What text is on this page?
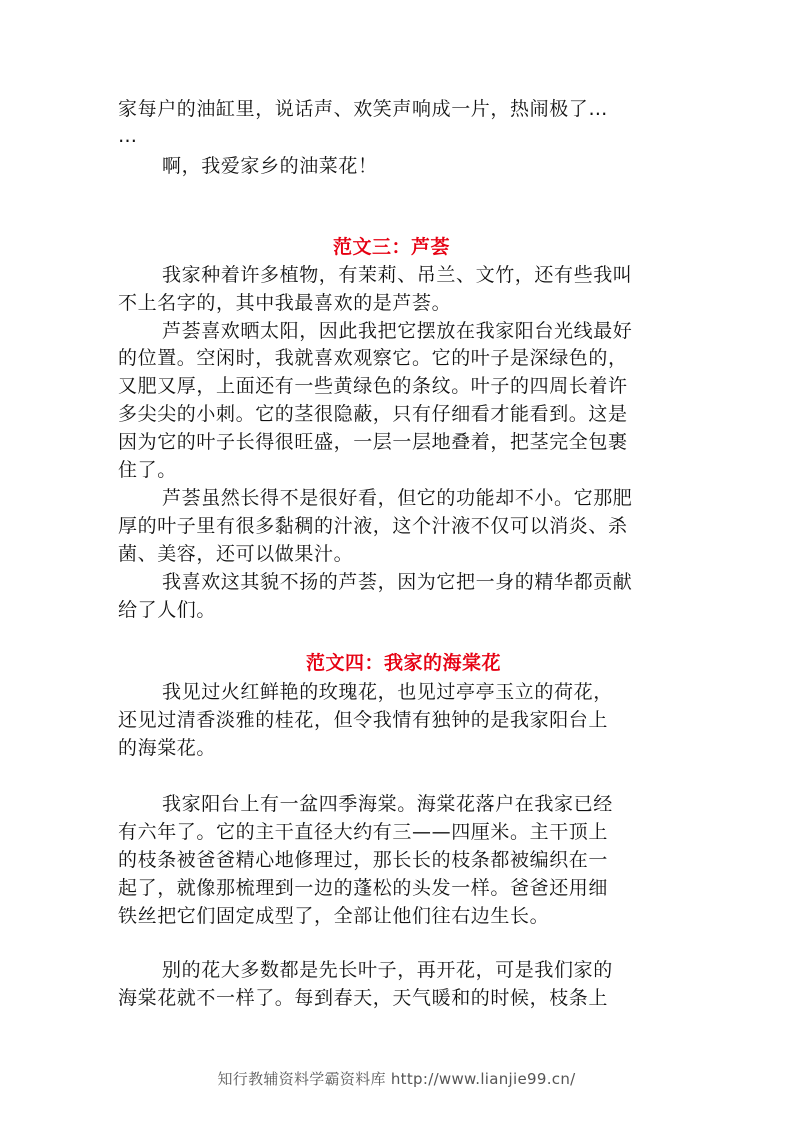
家每户的油缸里，说话声、欢笑声响成一片，热闹极了…
…
啊，我爱家乡的油菜花！
范文三：芦荟
我家种着许多植物，有茉莉、吊兰、文竹，还有些我叫
不上名字的，其中我最喜欢的是芦荟。
芦荟喜欢晒太阳，因此我把它摆放在我家阳台光线最好
的位置。空闲时，我就喜欢观察它。它的叶子是深绿色的，
又肥又厚，上面还有一些黄绿色的条纹。叶子的四周长着许
多尖尖的小刺。它的茎很隐蔽，只有仔细看才能看到。这是
因为它的叶子长得很旺盛，一层一层地叠着，把茎完全包裹
住了。
芦荟虽然长得不是很好看，但它的功能却不小。它那肥
厚的叶子里有很多黏稠的汁液，这个汁液不仅可以消炎、杀
菌、美容，还可以做果汁。
我喜欢这其貌不扬的芦荟，因为它把一身的精华都贡献
给了人们。
范文四：我家的海棠花
我见过火红鲜艳的玫瑰花，也见过亭亭玉立的荷花，
还见过清香淡雅的桂花，但令我情有独钟的是我家阳台上
的海棠花。
我家阳台上有一盆四季海棠。海棠花落户在我家已经
有六年了。它的主干直径大约有三——四厘米。主干顶上
的枝条被爸爸精心地修理过，那长长的枝条都被编织在一
起了，就像那梳理到一边的蓬松的头发一样。爸爸还用细
铁丝把它们固定成型了，全部让他们往右边生长。
别的花大多数都是先长叶子，再开花，可是我们家的
海棠花就不一样了。每到春天，天气暖和的时候，枝条上
知行教辅资料学霸资料库 http://www.lianjie99.cn/
